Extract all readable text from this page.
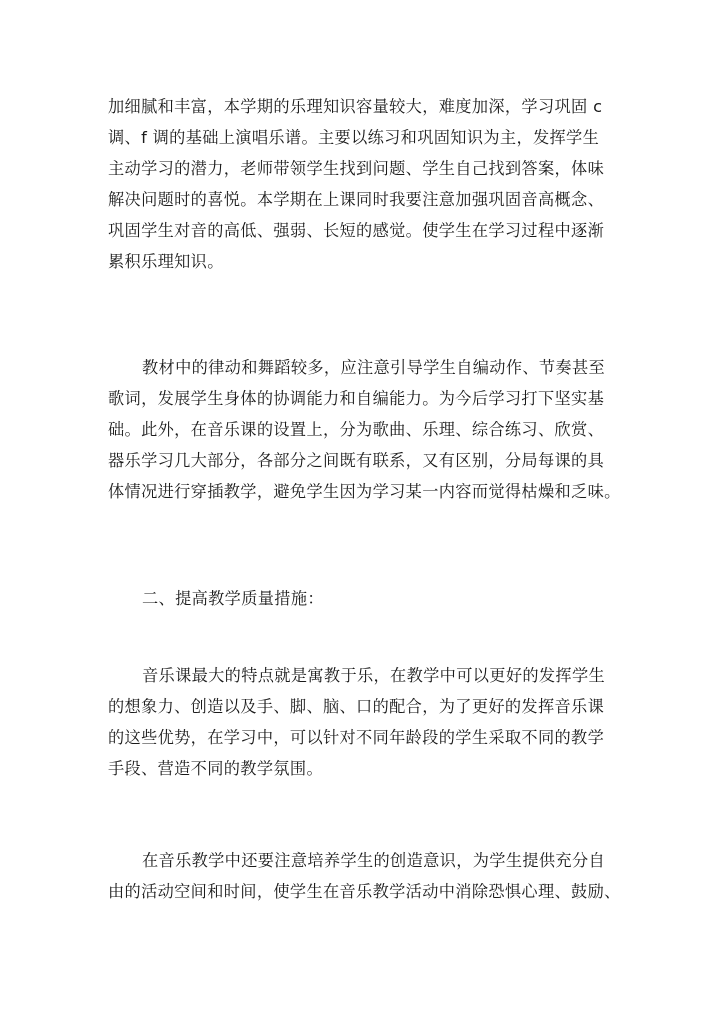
加细腻和丰富，本学期的乐理知识容量较大，难度加深，学习巩固 c
调、f 调的基础上演唱乐谱。主要以练习和巩固知识为主，发挥学生
主动学习的潜力，老师带领学生找到问题、学生自己找到答案，体味
解决问题时的喜悦。本学期在上课同时我要注意加强巩固音高概念、
巩固学生对音的高低、强弱、长短的感觉。使学生在学习过程中逐渐
累积乐理知识。
教材中的律动和舞蹈较多，应注意引导学生自编动作、节奏甚至
歌词，发展学生身体的协调能力和自编能力。为今后学习打下坚实基
础。此外，在音乐课的设置上，分为歌曲、乐理、综合练习、欣赏、
器乐学习几大部分，各部分之间既有联系，又有区别，分局每课的具
体情况进行穿插教学，避免学生因为学习某一内容而觉得枯燥和乏味。
二、提高教学质量措施：
音乐课最大的特点就是寓教于乐，在教学中可以更好的发挥学生
的想象力、创造以及手、脚、脑、口的配合，为了更好的发挥音乐课
的这些优势，在学习中，可以针对不同年龄段的学生采取不同的教学
手段、营造不同的教学氛围。
在音乐教学中还要注意培养学生的创造意识，为学生提供充分自
由的活动空间和时间，使学生在音乐教学活动中消除恐惧心理、鼓励、
